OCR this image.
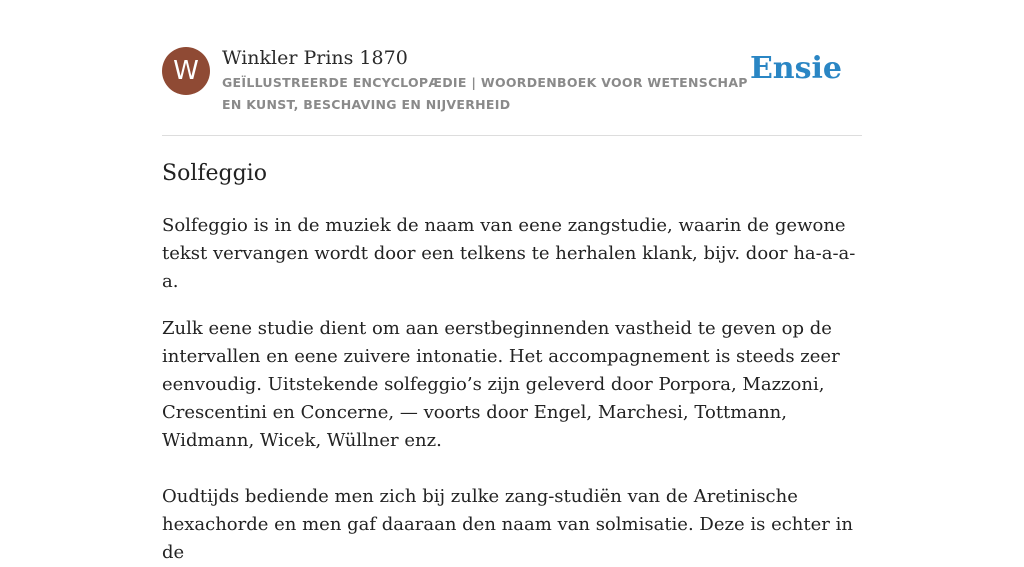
W	Winkler Prins 1870
GEÏLLUSTREERDE ENCYCLOPÆDIE | WOORDENBOEK VOOR WETENSCHAP EN KUNST, BESCHAVING EN NIJVERHEID
Ensie
Solfeggio

Solfeggio is in de muziek de naam van eene zangstudie, waarin de gewone tekst vervangen wordt door een telkens te herhalen klank, bijv. door ha-a-a-a.

Zulk eene studie dient om aan eerstbeginnenden vastheid te geven op de intervallen en eene zuivere intonatie. Het accompagnement is steeds zeer eenvoudig. Uitstekende solfeggio’s zijn geleverd door Porpora, Mazzoni, Crescentini en Concerne, — voorts door Engel, Marchesi, Tottmann, Widmann, Wicek, Wüllner enz.

Oudtijds bediende men zich bij zulke zang-studiën van de Aretinische hexachorde en men gaf daaraan den naam van solmisatie. Deze is echter in de
